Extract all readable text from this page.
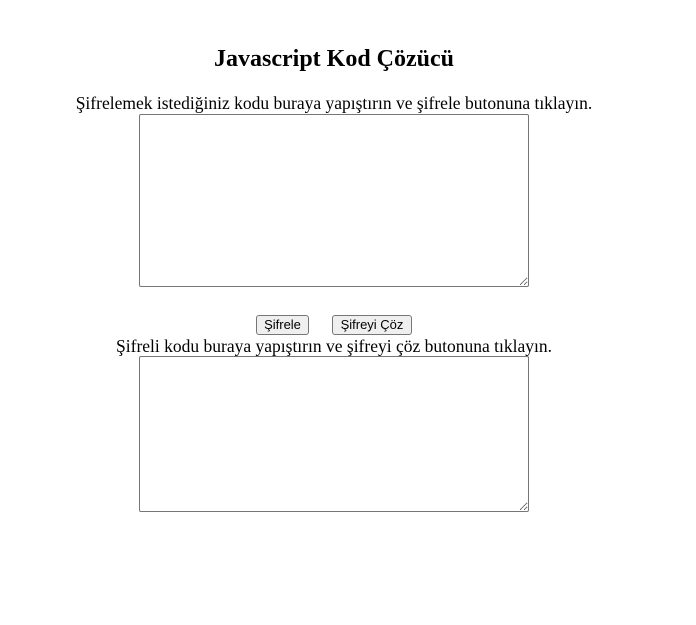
Javascript Kod Çözücü

Şifrelemek istediğiniz kodu buraya yapıştırın ve şifrele butonuna tıklayın.

Şifrele	Şifreyi Çöz

Şifreli kodu buraya yapıştırın ve şifreyi çöz butonuna tıklayın.
